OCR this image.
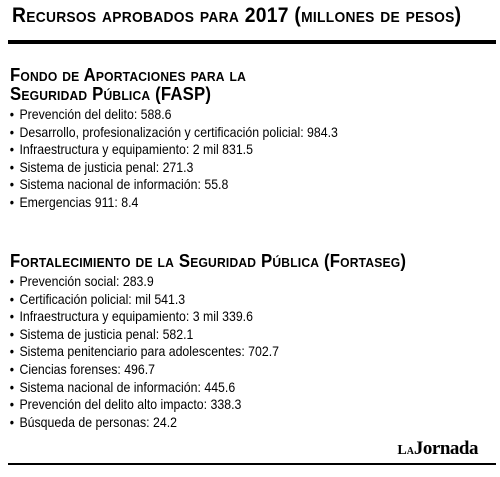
Recursos aprobados para 2017 (millones de pesos)
Fondo de Aportaciones para la
Seguridad Pública (FASP)
• Prevención del delito: 588.6
• Desarrollo, profesionalización y certificación policial: 984.3
• Infraestructura y equipamiento: 2 mil 831.5
• Sistema de justicia penal: 271.3
• Sistema nacional de información: 55.8
• Emergencias 911: 8.4
Fortalecimiento de la Seguridad Pública (Fortaseg)
• Prevención social: 283.9
• Certificación policial: mil 541.3
• Infraestructura y equipamiento: 3 mil 339.6
• Sistema de justicia penal: 582.1
• Sistema penitenciario para adolescentes: 702.7
• Ciencias forenses: 496.7
• Sistema nacional de información: 445.6
• Prevención del delito alto impacto: 338.3
• Búsqueda de personas: 24.2
LaJornada
